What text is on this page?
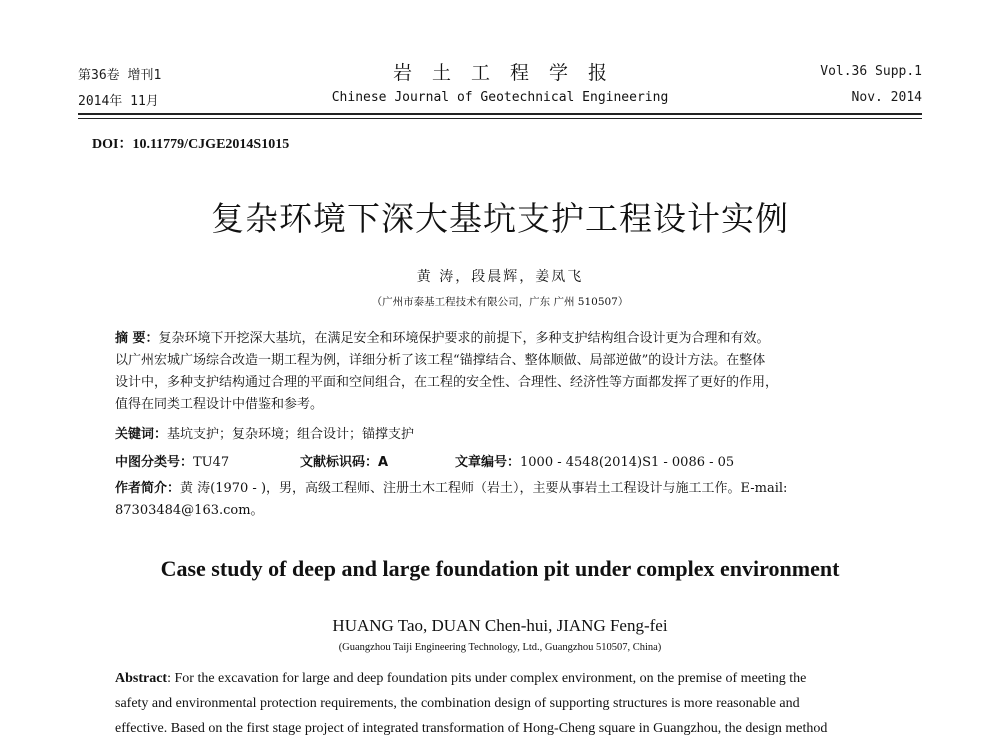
第36卷 增刊1
2014年 11月
岩土工程学报
Chinese Journal of Geotechnical Engineering
Vol.36 Supp.1
Nov. 2014
DOI：10.11779/CJGE2014S1015
复杂环境下深大基坑支护工程设计实例
黄 涛，段晨辉，姜凤飞
（广州市泰基工程技术有限公司，广东 广州 510507）
摘 要：复杂环境下开挖深大基坑，在满足安全和环境保护要求的前提下，多种支护结构组合设计更为合理和有效。
以广州宏城广场综合改造一期工程为例，详细分析了该工程“锚撑结合、整体顺做、局部逆做”的设计方法。在整体
设计中，多种支护结构通过合理的平面和空间组合，在工程的安全性、合理性、经济性等方面都发挥了更好的作用，
值得在同类工程设计中借鉴和参考。
关键词：基坑支护；复杂环境；组合设计；锚撑支护
中图分类号：TU47	文献标识码：A	文章编号：1000 - 4548(2014)S1 - 0086 - 05
作者简介：黄 涛(1970 - )，男，高级工程师、注册土木工程师（岩土），主要从事岩土工程设计与施工工作。E-mail:
87303484@163.com。
Case study of deep and large foundation pit under complex environment
HUANG Tao, DUAN Chen-hui, JIANG Feng-fei
(Guangzhou Taiji Engineering Technology, Ltd., Guangzhou 510507, China)
Abstract: For the excavation for large and deep foundation pits under complex environment, on the premise of meeting the
safety and environmental protection requirements, the combination design of supporting structures is more reasonable and
effective. Based on the first stage project of integrated transformation of Hong-Cheng square in Guangzhou, the design method
